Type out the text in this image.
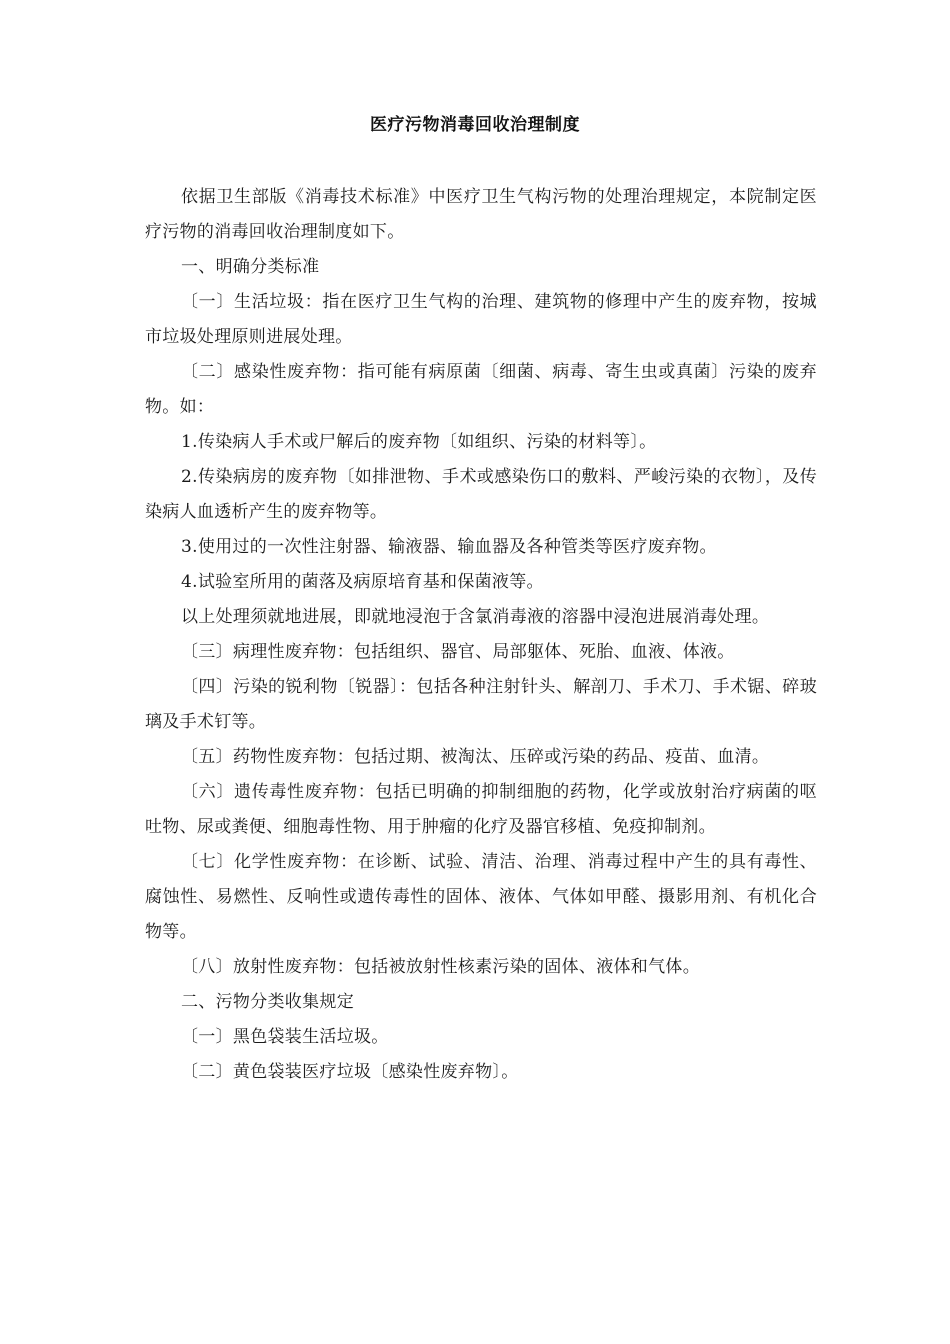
医疗污物消毒回收治理制度

依据卫生部版《消毒技术标准》中医疗卫生气构污物的处理治理规定，本院制定医疗污物的消毒回收治理制度如下。

一、明确分类标准

〔一〕生活垃圾：指在医疗卫生气构的治理、建筑物的修理中产生的废弃物，按城市垃圾处理原则进展处理。

〔二〕感染性废弃物：指可能有病原菌〔细菌、病毒、寄生虫或真菌〕污染的废弃物。如：

1.传染病人手术或尸解后的废弃物〔如组织、污染的材料等〕。

2.传染病房的废弃物〔如排泄物、手术或感染伤口的敷料、严峻污染的衣物〕，及传染病人血透析产生的废弃物等。

3.使用过的一次性注射器、输液器、输血器及各种管类等医疗废弃物。

4.试验室所用的菌落及病原培育基和保菌液等。

以上处理须就地进展，即就地浸泡于含氯消毒液的溶器中浸泡进展消毒处理。

〔三〕病理性废弃物：包括组织、器官、局部躯体、死胎、血液、体液。

〔四〕污染的锐利物〔锐器〕：包括各种注射针头、解剖刀、手术刀、手术锯、碎玻璃及手术钉等。

〔五〕药物性废弃物：包括过期、被淘汰、压碎或污染的药品、疫苗、血清。

〔六〕遗传毒性废弃物：包括已明确的抑制细胞的药物，化学或放射治疗病菌的呕吐物、尿或粪便、细胞毒性物、用于肿瘤的化疗及器官移植、免疫抑制剂。

〔七〕化学性废弃物：在诊断、试验、清洁、治理、消毒过程中产生的具有毒性、腐蚀性、易燃性、反响性或遗传毒性的固体、液体、气体如甲醛、摄影用剂、有机化合物等。

〔八〕放射性废弃物：包括被放射性核素污染的固体、液体和气体。

二、污物分类收集规定

〔一〕黑色袋装生活垃圾。

〔二〕黄色袋装医疗垃圾〔感染性废弃物〕。
